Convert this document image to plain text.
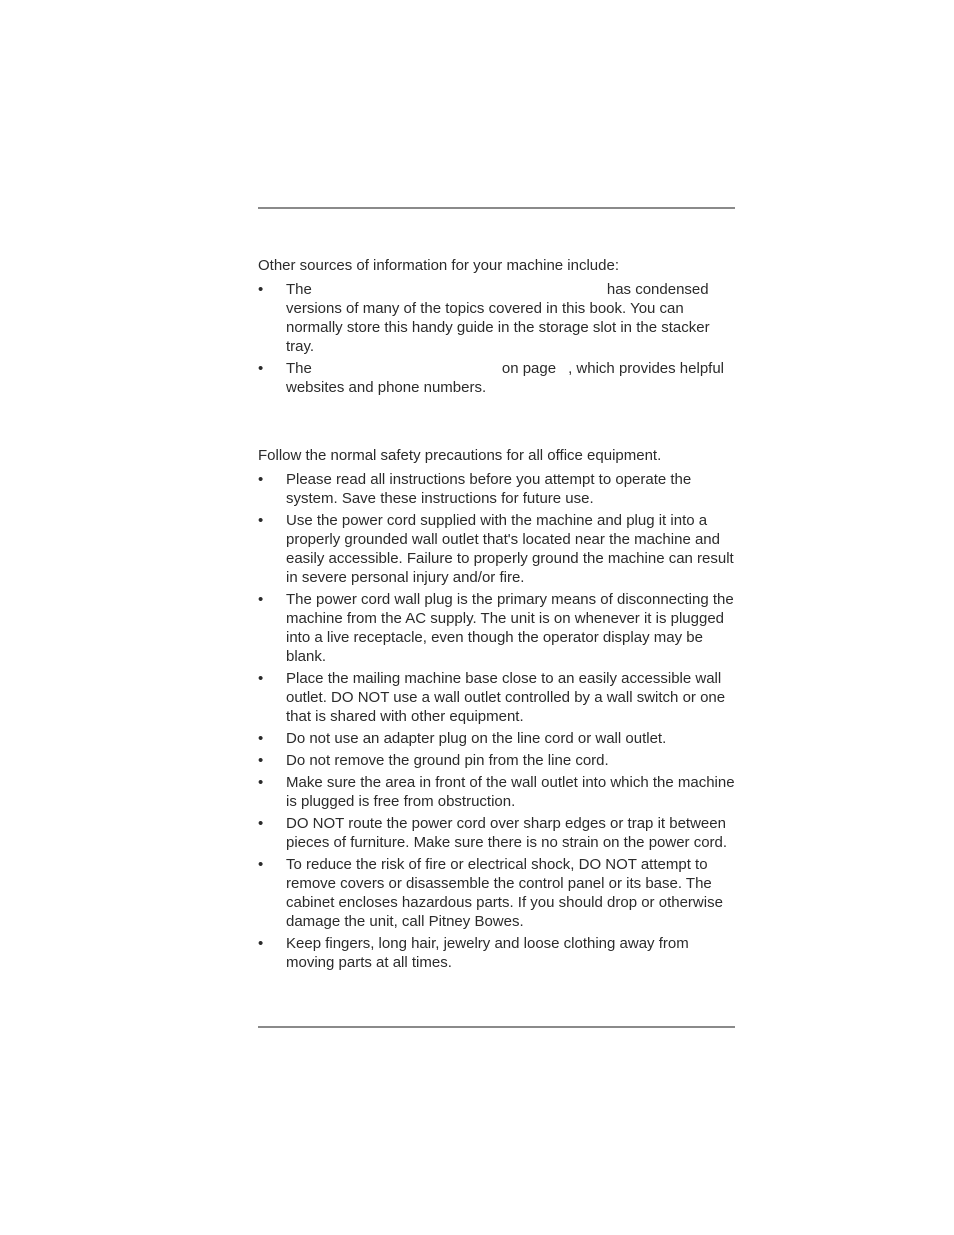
Other sources of information for your machine include:

• The	has condensed versions of many of the topics covered in this book. You can normally store this handy guide in the storage slot in the stacker tray.
• The	on page , which provides helpful websites and phone numbers.

Follow the normal safety precautions for all office equipment.

• Please read all instructions before you attempt to operate the system. Save these instructions for future use.
• Use the power cord supplied with the machine and plug it into a properly grounded wall outlet that's located near the machine and easily accessible. Failure to properly ground the machine can result in severe personal injury and/or fire.
• The power cord wall plug is the primary means of disconnecting the machine from the AC supply. The unit is on whenever it is plugged into a live receptacle, even though the operator display may be blank.
• Place the mailing machine base close to an easily accessible wall outlet. DO NOT use a wall outlet controlled by a wall switch or one that is shared with other equipment.
• Do not use an adapter plug on the line cord or wall outlet.
• Do not remove the ground pin from the line cord.
• Make sure the area in front of the wall outlet into which the machine is plugged is free from obstruction.
• DO NOT route the power cord over sharp edges or trap it between pieces of furniture. Make sure there is no strain on the power cord.
• To reduce the risk of fire or electrical shock, DO NOT attempt to remove covers or disassemble the control panel or its base. The cabinet encloses hazardous parts. If you should drop or otherwise damage the unit, call Pitney Bowes.
• Keep fingers, long hair, jewelry and loose clothing away from moving parts at all times.
